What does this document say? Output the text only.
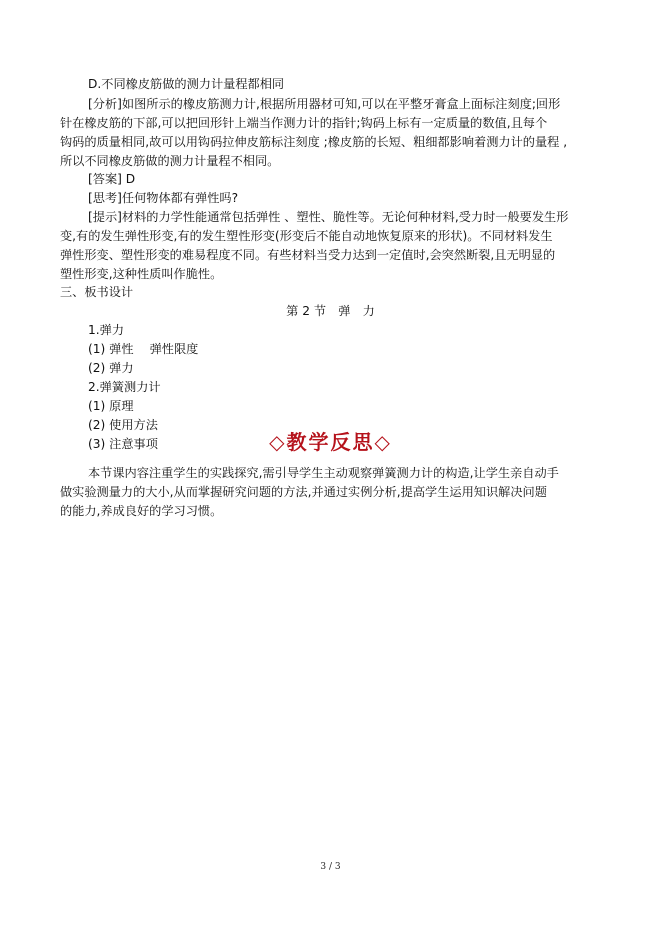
D.不同橡皮筋做的测力计量程都相同
[分析]如图所示的橡皮筋测力计,根据所用器材可知,可以在平整牙膏盒上面标注刻度;回形
针在橡皮筋的下部,可以把回形针上端当作测力计的指针;钩码上标有一定质量的数值,且每个
钩码的质量相同,故可以用钩码拉伸皮筋标注刻度 ;橡皮筋的长短、粗细都影响着测力计的量程 ,
所以不同橡皮筋做的测力计量程不相同。
[答案] D
[思考]任何物体都有弹性吗?
[提示]材料的力学性能通常包括弹性 、塑性、脆性等。无论何种材料,受力时一般要发生形
变,有的发生弹性形变,有的发生塑性形变(形变后不能自动地恢复原来的形状)。不同材料发生
弹性形变、塑性形变的难易程度不同。有些材料当受力达到一定值时,会突然断裂,且无明显的
塑性形变,这种性质叫作脆性。
三、板书设计
第 2 节　弹　力
1.弹力
(1) 弹性　 弹性限度
(2) 弹力
2.弹簧测力计
(1) 原理
(2) 使用方法
(3) 注意事项	◇教学反思◇
本节课内容注重学生的实践探究,需引导学生主动观察弹簧测力计的构造,让学生亲自动手
做实验测量力的大小,从而掌握研究问题的方法,并通过实例分析,提高学生运用知识解决问题
的能力,养成良好的学习习惯。
3 / 3
